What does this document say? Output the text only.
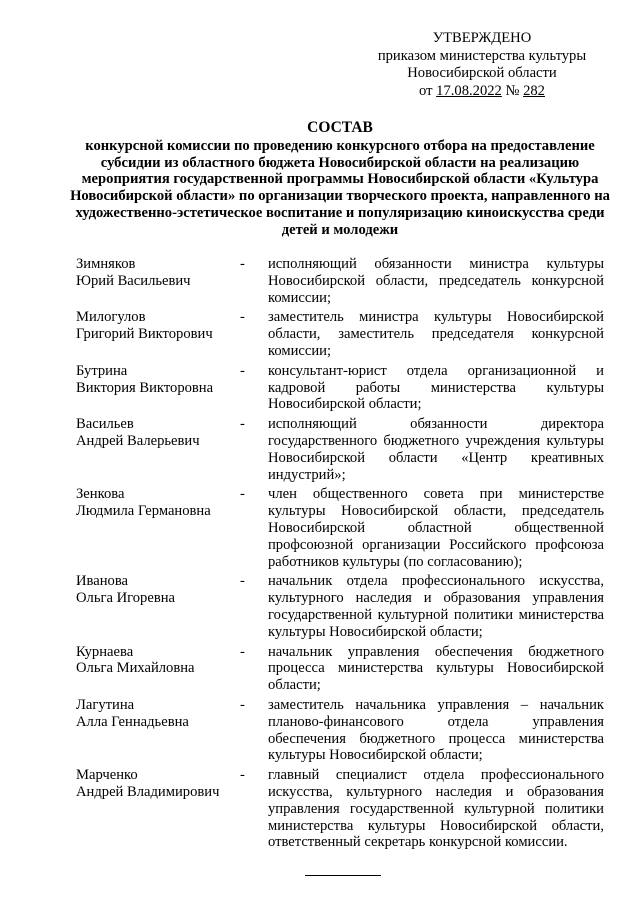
УТВЕРЖДЕНО
приказом министерства культуры
Новосибирской области
от 17.08.2022 № 282
СОСТАВ
конкурсной комиссии по проведению конкурсного отбора на предоставление субсидии из областного бюджета Новосибирской области на реализацию мероприятия государственной программы Новосибирской области «Культура Новосибирской области» по организации творческого проекта, направленного на художественно-эстетическое воспитание и популяризацию киноискусства среди детей и молодежи
Зимняков
Юрий Васильевич
-	исполняющий обязанности министра культуры Новосибирской области, председатель конкурсной комиссии;
Милогулов
Григорий Викторович
-	заместитель министра культуры Новосибирской области, заместитель председателя конкурсной комиссии;
Бутрина
Виктория Викторовна
-	консультант-юрист отдела организационной и кадровой работы министерства культуры Новосибирской области;
Васильев
Андрей Валерьевич
-	исполняющий обязанности директора государственного бюджетного учреждения культуры Новосибирской области «Центр креативных индустрий»;
Зенкова
Людмила Германовна
-	член общественного совета при министерстве культуры Новосибирской области, председатель Новосибирской областной общественной профсоюзной организации Российского профсоюза работников культуры (по согласованию);
Иванова
Ольга Игоревна
-	начальник отдела профессионального искусства, культурного наследия и образования управления государственной культурной политики министерства культуры Новосибирской области;
Курнаева
Ольга Михайловна
-	начальник управления обеспечения бюджетного процесса министерства культуры Новосибирской области;
Лагутина
Алла Геннадьевна
-	заместитель начальника управления – начальник планово-финансового отдела управления обеспечения бюджетного процесса министерства культуры Новосибирской области;
Марченко
Андрей Владимирович
-	главный специалист отдела профессионального искусства, культурного наследия и образования управления государственной культурной политики министерства культуры Новосибирской области, ответственный секретарь конкурсной комиссии.
